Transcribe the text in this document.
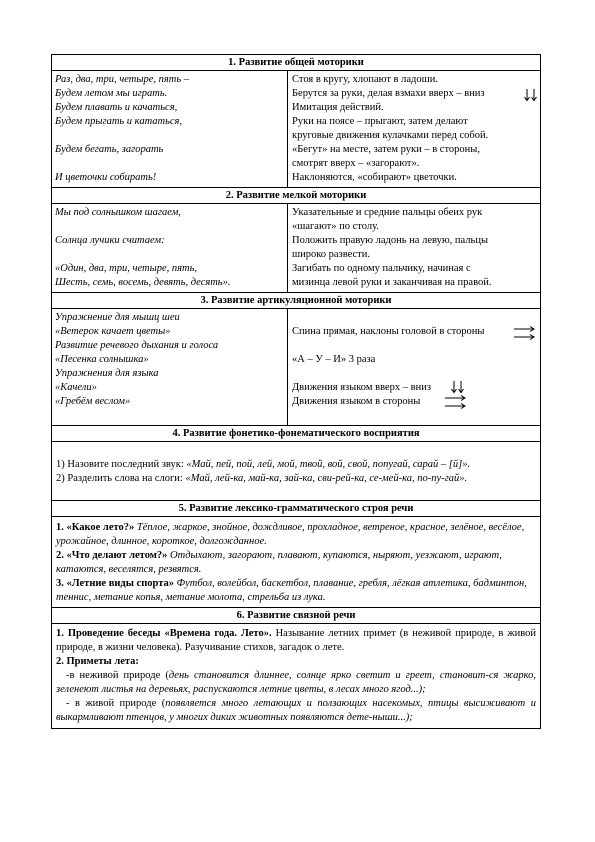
1. Развитие общей моторики
Раз, два, три, четыре, пять –
Будем летом мы играть.
Будем плавать и качаться,
Будем прыгать и кататься,
Будем бегать, загорать
И цветочки собирать!
Стоя в кругу, хлопают в ладоши.
Берутся за руки, делая взмахи вверх – вниз
Имитация действий.
Руки на поясе – прыгают, затем делают
круговые движения кулачками перед собой.
«Бегут» на месте, затем руки – в стороны,
смотрят вверх – «загорают».
Наклоняются, «собирают» цветочки.
2. Развитие мелкой моторики
Мы под солнышком шагаем,
Солнца лучики считаем:
«Один, два, три, четыре, пять,
Шесть, семь, восемь, девять, десять».
Указательные и средние пальцы обеих рук
«шагают» по столу.
Положить правую ладонь на левую, пальцы
широко развести.
Загибать по одному пальчику, начиная с
мизинца левой руки и заканчивая на правой.
3. Развитие артикуляционной моторики
Упражнение для мышц шеи
«Ветерок качает цветы»
Развитие речевого дыхания и голоса
«Песенка солнышка»
Упражнения для языка
«Качели»
«Гребём веслом»
Спина прямая, наклоны головой в стороны
«А – У – И» 3 раза
Движения языком вверх – вниз
Движения языком в стороны
4. Развитие фонетико-фонематического восприятия

1) Назовите последний звук: «Май, пей, пой, лей, мой, твой, вой, свой, попугай, сарай – [й]».

2) Разделить слова на слоги: «Май, лей-ка, май-ка, зай-ка, сви-рей-ка, се-мей-ка, по-пу-гай».

5. Развитие лексико-грамматического строя речи

1. «Какое лето?» Тёплое, жаркое, знойное, дождливое, прохладное, ветреное, красное, зелёное, весёлое, урожайное, длинное, короткое, долгожданное.

2. «Что делают летом?» Отдыхают, загорают, плавают, купаются, ныряют, уезжают, играют, катаются, веселятся, резвятся.

3. «Летние виды спорта» Футбол, волейбол, баскетбол, плавание, гребля, лёгкая атлетика, бадминтон, теннис, метание копья, метание молота, стрельба из лука.

6. Развитие связной речи

1. Проведение беседы «Времена года. Лето». Называние летних примет (в неживой природе, в живой природе, в жизни человека). Разучивание стихов, загадок о лете.

2. Приметы лета:

-в неживой природе (день становится длиннее, солнце ярко светит и греет, становит-ся жарко, зеленеют листья на деревьях, распускаются летние цветы, в лесах много ягод...);

- в живой природе (появляется много летающих и ползающих насекомых, птицы высиживают и выкармливают птенцов, у многих диких животных появляются дете-ныши...);
